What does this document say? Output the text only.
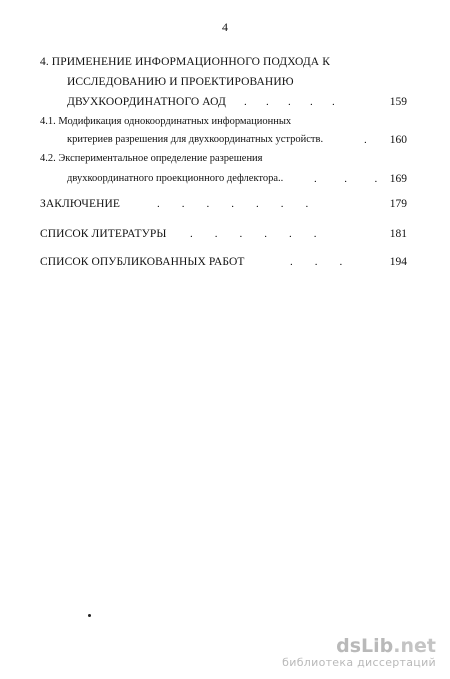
4
4. ПРИМЕНЕНИЕ ИНФОРМАЦИОННОГО ПОДХОДА К
ИССЛЕДОВАНИЮ И ПРОЕКТИРОВАНИЮ
ДВУХКООРДИНАТНОГО АОД .       .       .       .       .	159
4.1. Модификация однокоординатных информационных
критериев разрешения для двухкоординатных устройств.	.	160
4.2. Экспериментальное определение разрешения
двухкоординатного проекционного дефлектора..	.          .          .	169
ЗАКЛЮЧЕНИЕ	.        .        .        .        .        .        .	179
СПИСОК ЛИТЕРАТУРЫ .        .        .        .        .        .	181
СПИСОК ОПУБЛИКОВАННЫХ РАБОТ	.        .        .	194
dsLib.net
библиотека диссертаций
